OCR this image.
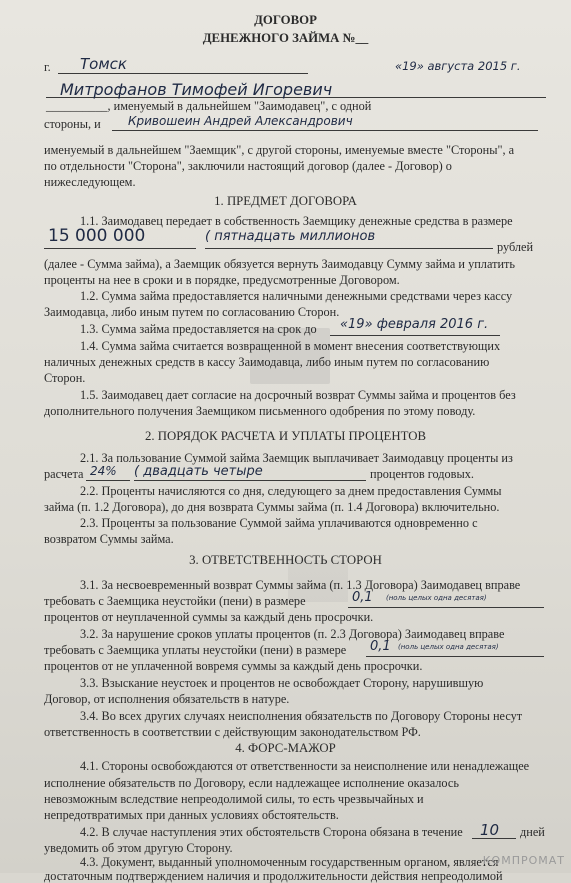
ДОГОВОР
ДЕНЕЖНОГО ЗАЙМА №__
г. Томск	«19» августа 2015 г.
Митрофанов Тимофей Игоревич
__________, именуемый в дальнейшем "Заимодавец", с одной
стороны, и Кривошеин Андрей Александрович
именуемый в дальнейшем "Заемщик", с другой стороны, именуемые вместе "Стороны", а
по отдельности "Сторона", заключили настоящий договор (далее - Договор) о
нижеследующем.
1. ПРЕДМЕТ ДОГОВОРА
1.1. Заимодавец передает в собственность Заемщику денежные средства в размере
15 000 000	( пятнадцать миллионов
рублей
(далее - Сумма займа), а Заемщик обязуется вернуть Заимодавцу Сумму займа и уплатить
проценты на нее в сроки и в порядке, предусмотренные Договором.
1.2. Сумма займа предоставляется наличными денежными средствами через кассу
Заимодавца, либо иным путем по согласованию Сторон.
1.3. Сумма займа предоставляется на срок до «19» февраля 2016 г.
1.4. Сумма займа считается возвращенной в момент внесения соответствующих
наличных денежных средств в кассу Заимодавца, либо иным путем по согласованию
Сторон.
1.5. Заимодавец дает согласие на досрочный возврат Суммы займа и процентов без
дополнительного получения Заемщиком письменного одобрения по этому поводу.
2. ПОРЯДОК РАСЧЕТА И УПЛАТЫ ПРОЦЕНТОВ
2.1. За пользование Суммой займа Заемщик выплачивает Заимодавцу проценты из
расчета 24% ( двадцать четыре	процентов годовых.
2.2. Проценты начисляются со дня, следующего за днем предоставления Суммы
займа (п. 1.2 Договора), до дня возврата Суммы займа (п. 1.4 Договора) включительно.
2.3. Проценты за пользование Суммой займа уплачиваются одновременно с
возвратом Суммы займа.
3. ОТВЕТСТВЕННОСТЬ СТОРОН
3.1. За несвоевременный возврат Суммы займа (п. 1.3 Договора) Заимодавец вправе
требовать с Заемщика неустойки (пени) в размере	0,1 (ноль целых одна десятая)
процентов от неуплаченной суммы за каждый день просрочки.
3.2. За нарушение сроков уплаты процентов (п. 2.3 Договора) Заимодавец вправе
требовать с Заемщика уплаты неустойки (пени) в размере 0,1 (ноль целых одна десятая)
процентов от не уплаченной вовремя суммы за каждый день просрочки.
3.3. Взыскание неустоек и процентов не освобождает Сторону, нарушившую
Договор, от исполнения обязательств в натуре.
3.4. Во всех других случаях неисполнения обязательств по Договору Стороны несут
ответственность в соответствии с действующим законодательством РФ.
4. ФОРС-МАЖОР
4.1. Стороны освобождаются от ответственности за неисполнение или ненадлежащее
исполнение обязательств по Договору, если надлежащее исполнение оказалось
невозможным вследствие непреодолимой силы, то есть чрезвычайных и
непредотвратимых при данных условиях обстоятельств.
4.2. В случае наступления этих обстоятельств Сторона обязана в течение 10 дней
уведомить об этом другую Сторону.
4.3. Документ, выданный уполномоченным государственным органом, является
достаточным подтверждением наличия и продолжительности действия непреодолимой
КОМПРОМАТ
